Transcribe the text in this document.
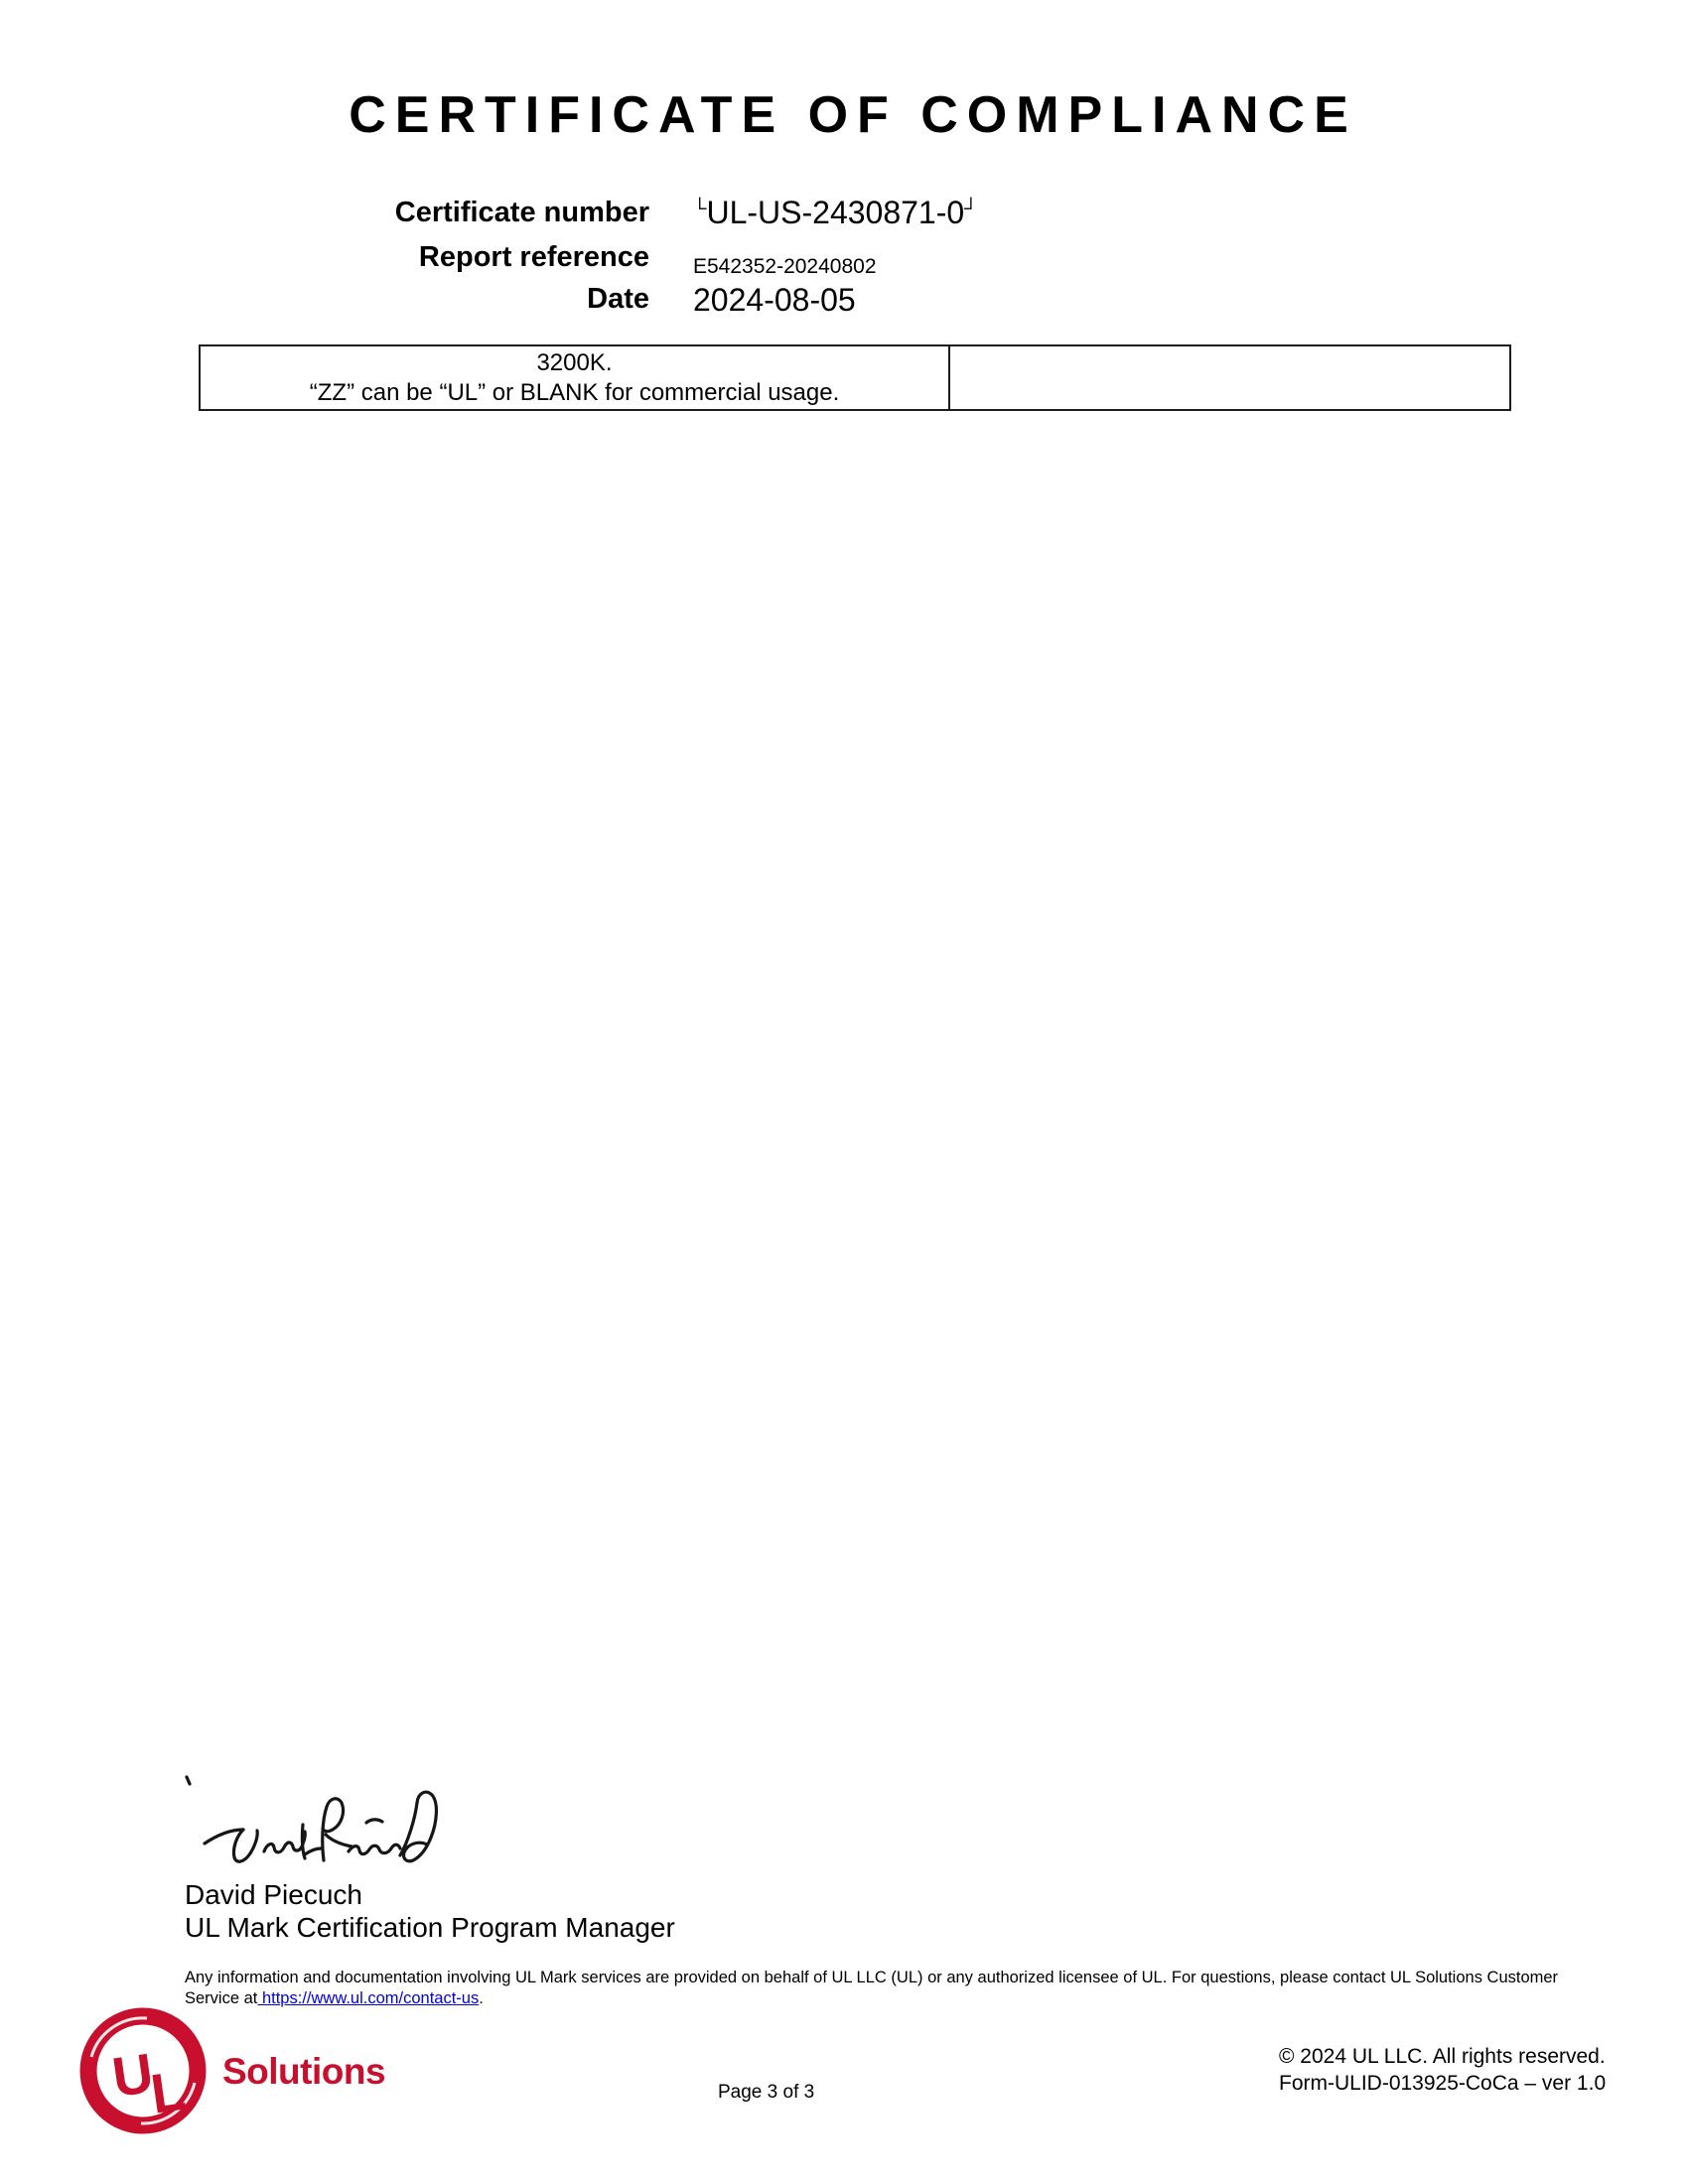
CERTIFICATE OF COMPLIANCE
Certificate number └UL-US-2430871-0┘
Report reference E542352-20240802
Date 2024-08-05
3200K.
“ZZ” can be “UL” or BLANK for commercial usage.
David Piecuch
UL Mark Certification Program Manager
Any information and documentation involving UL Mark services are provided on behalf of UL LLC (UL) or any authorized licensee of UL. For questions, please contact UL Solutions Customer
Service at https://www.ul.com/contact-us.
U
L Solutions	© 2024 UL LLC. All rights reserved.
Form-ULID-013925-CoCa – ver 1.0
Page 3 of 3
